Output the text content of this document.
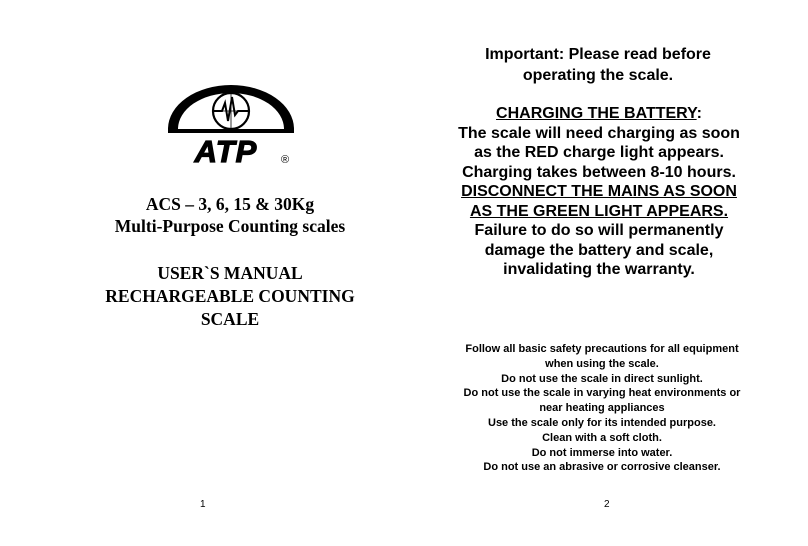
ATP ®
ACS – 3, 6, 15 & 30Kg
Multi-Purpose Counting scales
USER`S MANUAL
RECHARGEABLE COUNTING
SCALE
1
Important: Please read before
operating the scale.
CHARGING THE BATTERY:
The scale will need charging as soon
as the RED charge light appears.
Charging takes between 8-10 hours.
DISCONNECT THE MAINS AS SOON
AS THE GREEN LIGHT APPEARS.
Failure to do so will permanently
damage the battery and scale,
invalidating the warranty.
Follow all basic safety precautions for all equipment
when using the scale.
Do not use the scale in direct sunlight.
Do not use the scale in varying heat environments or
near heating appliances
Use the scale only for its intended purpose.
Clean with a soft cloth.
Do not immerse into water.
Do not use an abrasive or corrosive cleanser.
2
